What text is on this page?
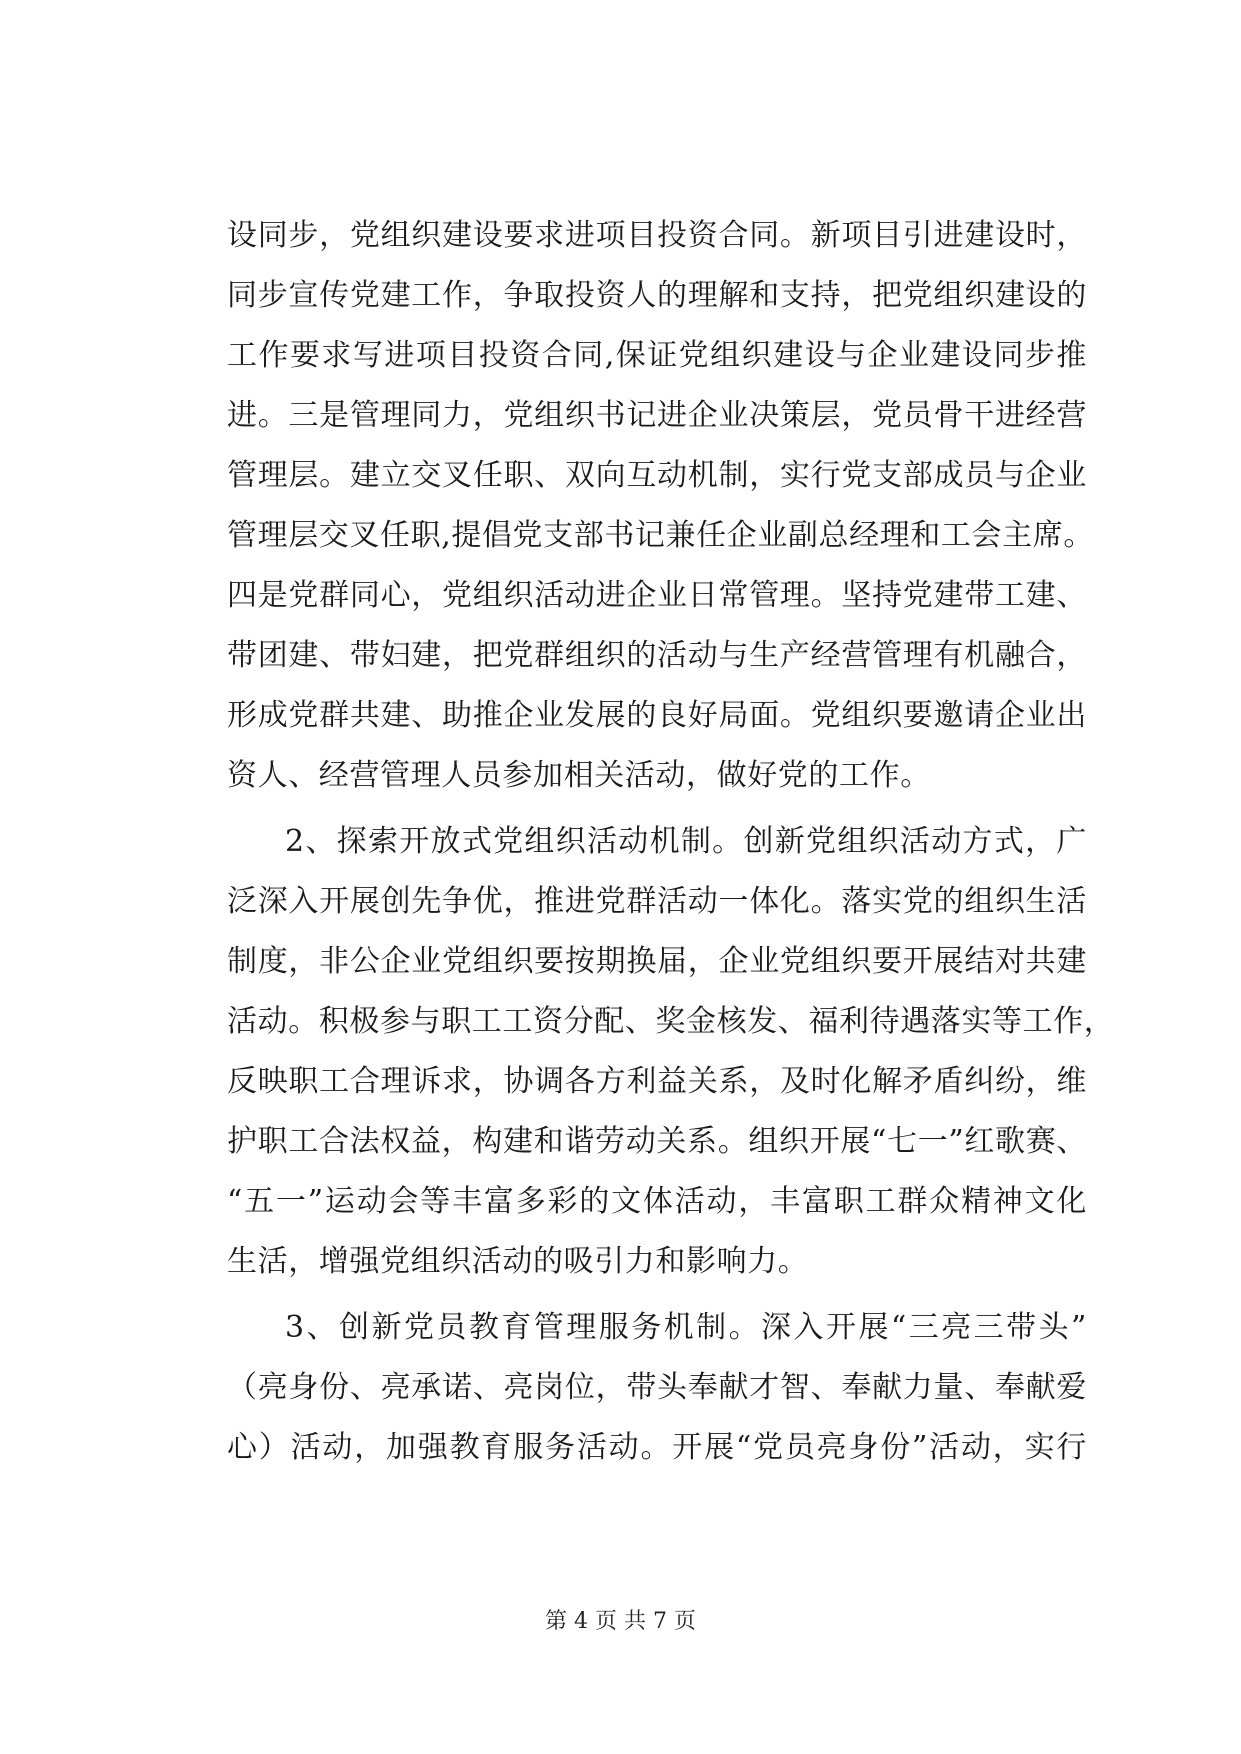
设同步，党组织建设要求进项目投资合同。新项目引进建设时，
同步宣传党建工作，争取投资人的理解和支持，把党组织建设的
工作要求写进项目投资合同,保证党组织建设与企业建设同步推
进。三是管理同力，党组织书记进企业决策层，党员骨干进经营
管理层。建立交叉任职、双向互动机制，实行党支部成员与企业
管理层交叉任职,提倡党支部书记兼任企业副总经理和工会主席。
四是党群同心，党组织活动进企业日常管理。坚持党建带工建、
带团建、带妇建，把党群组织的活动与生产经营管理有机融合，
形成党群共建、助推企业发展的良好局面。党组织要邀请企业出
资人、经营管理人员参加相关活动，做好党的工作。
2、探索开放式党组织活动机制。创新党组织活动方式，广
泛深入开展创先争优，推进党群活动一体化。落实党的组织生活
制度，非公企业党组织要按期换届，企业党组织要开展结对共建
活动。积极参与职工工资分配、奖金核发、福利待遇落实等工作，
反映职工合理诉求，协调各方利益关系，及时化解矛盾纠纷，维
护职工合法权益，构建和谐劳动关系。组织开展“七一”红歌赛、
“五一”运动会等丰富多彩的文体活动，丰富职工群众精神文化
生活，增强党组织活动的吸引力和影响力。
3、创新党员教育管理服务机制。深入开展“三亮三带头”
（亮身份、亮承诺、亮岗位，带头奉献才智、奉献力量、奉献爱
心）活动，加强教育服务活动。开展“党员亮身份”活动，实行
第 4 页 共 7 页
